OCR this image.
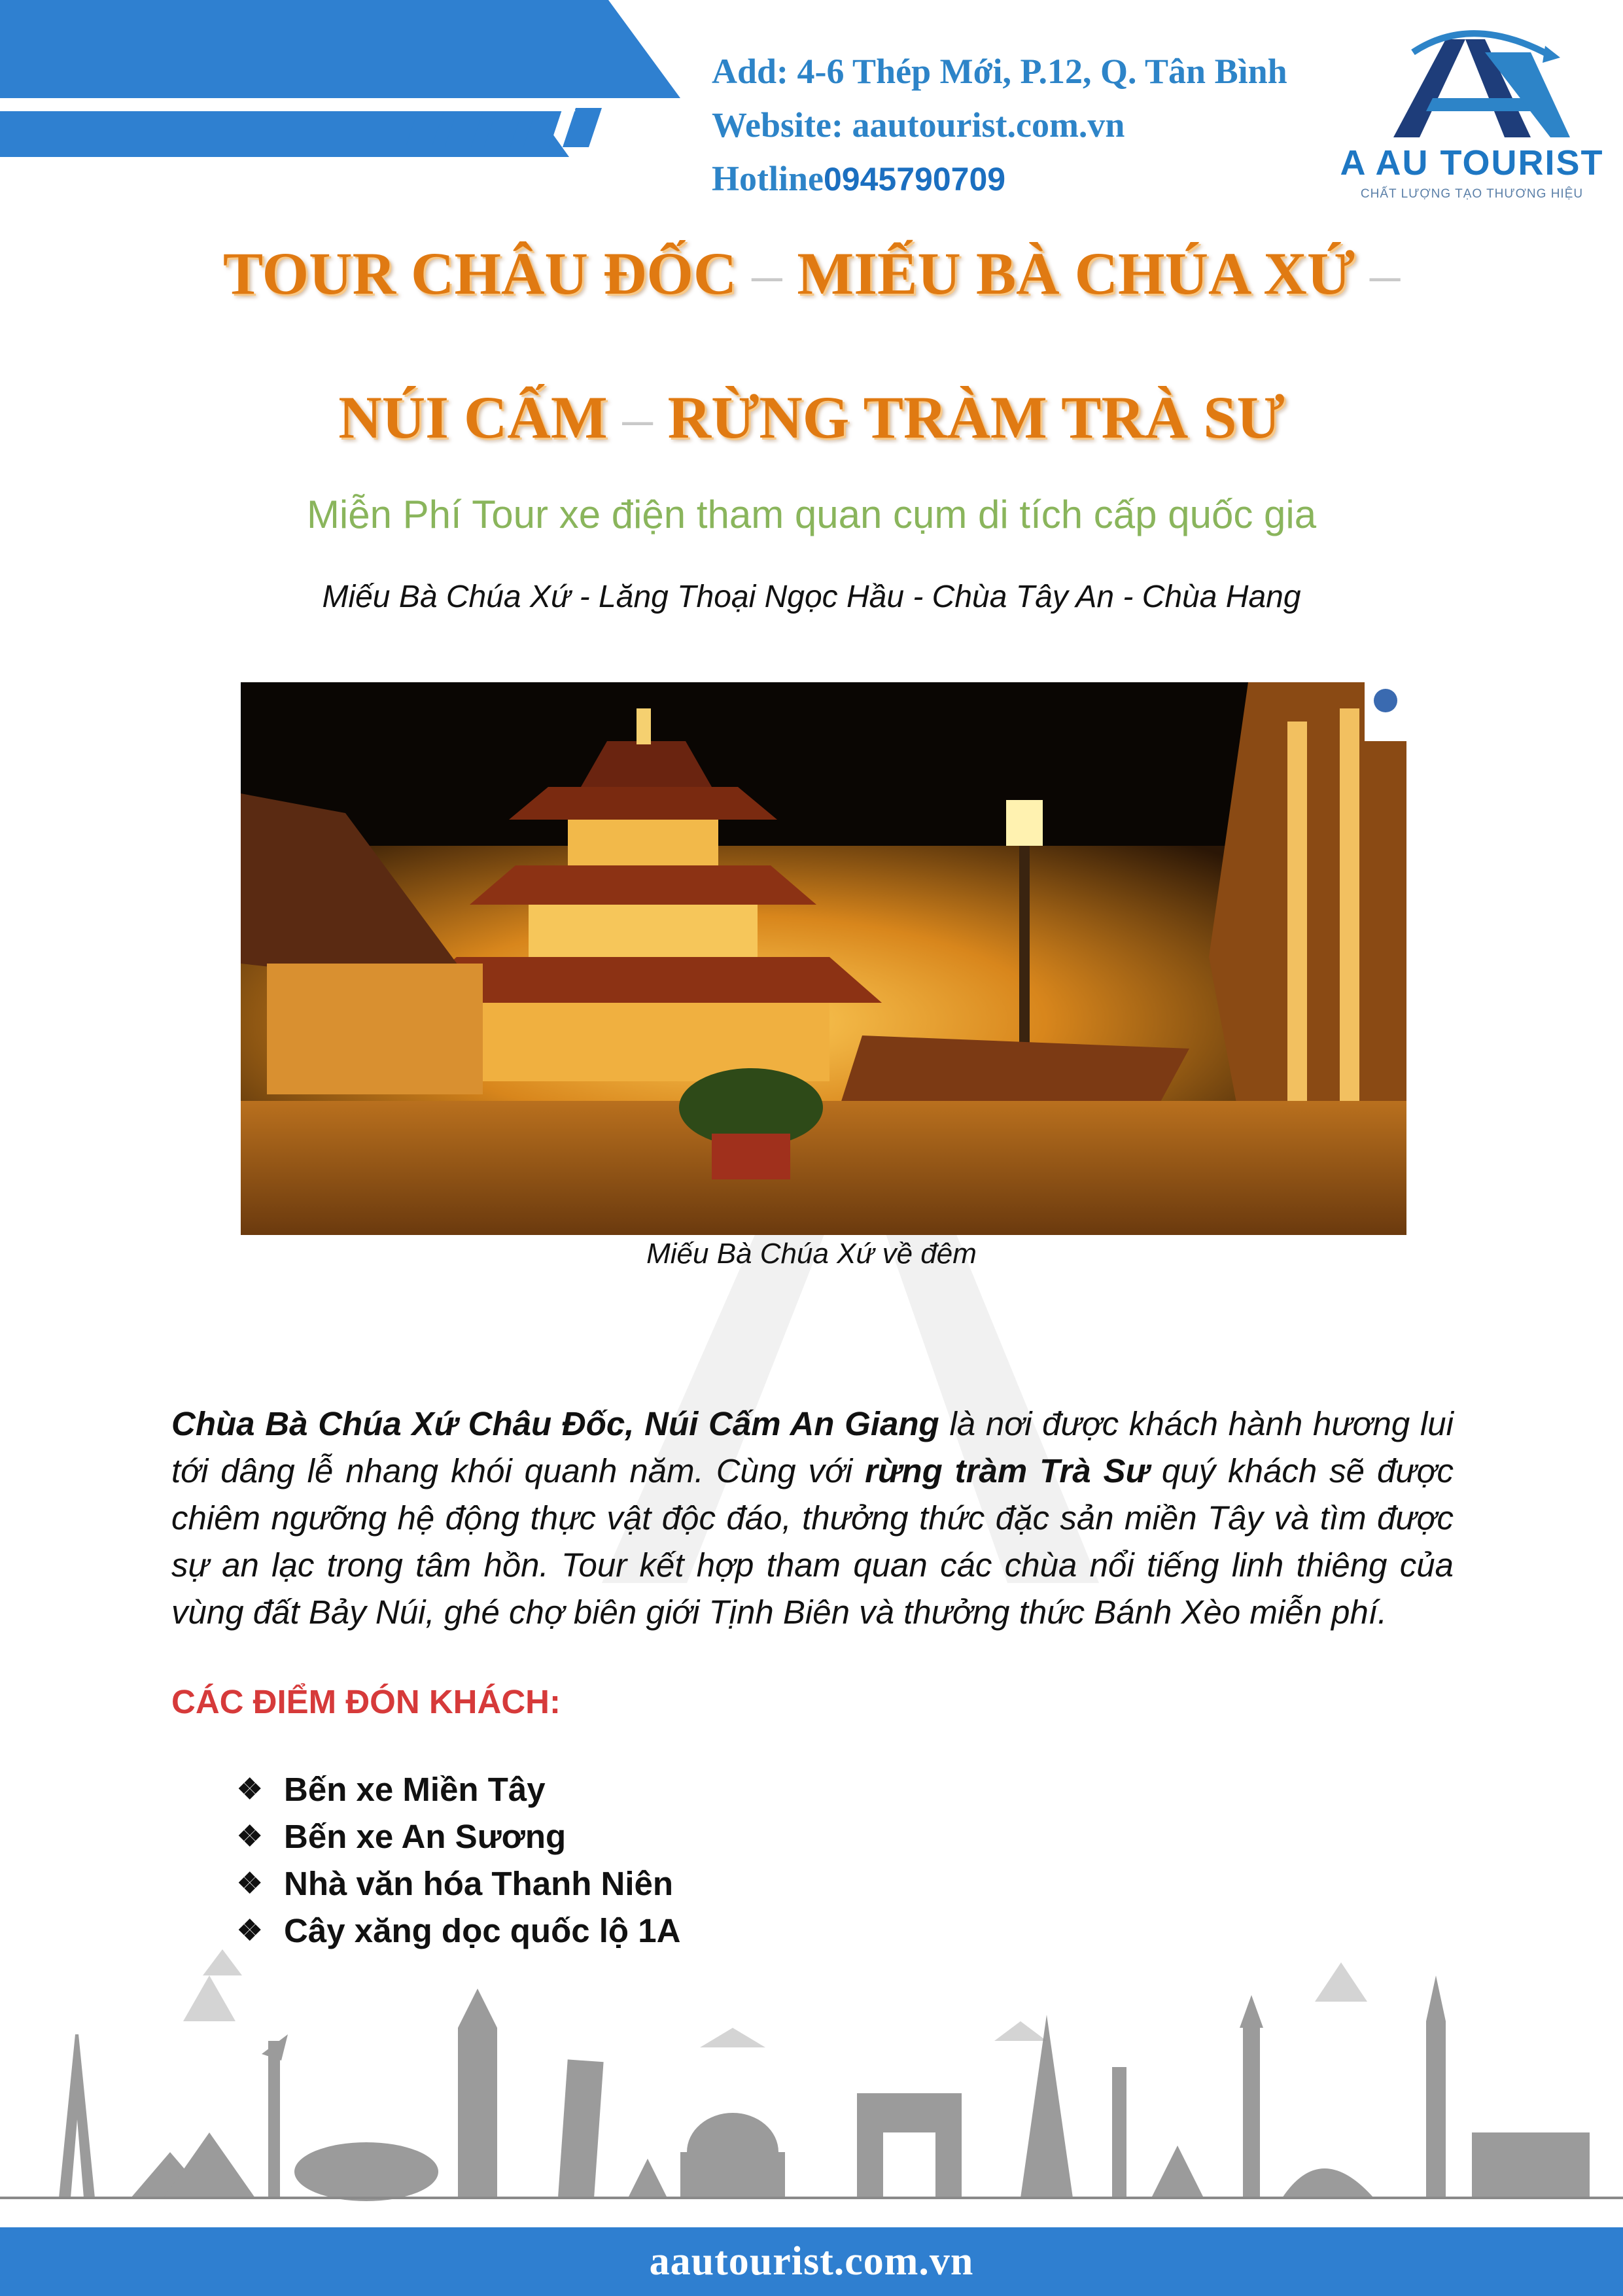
Add: 4-6 Thép Mới, P.12, Q. Tân Bình
Website: aautourist.com.vn
Hotline0945790709	A AU TOURIST
CHẤT LƯỢNG TẠO THƯƠNG HIỆU
TOUR CHÂU ĐỐC – MIẾU BÀ CHÚA XỨ –
NÚI CẤM – RỪNG TRÀM TRÀ SƯ
Miễn Phí Tour xe điện tham quan cụm di tích cấp quốc gia
Miếu Bà Chúa Xứ - Lăng Thoại Ngọc Hầu - Chùa Tây An - Chùa Hang
Miếu Bà Chúa Xứ về đêm

Chùa Bà Chúa Xứ Châu Đốc, Núi Cấm An Giang là nơi được khách hành hương lui tới dâng lễ nhang khói quanh năm. Cùng với rừng tràm Trà Sư quý khách sẽ được chiêm ngưỡng hệ động thực vật độc đáo, thưởng thức đặc sản miền Tây và tìm được sự an lạc trong tâm hồn. Tour kết hợp tham quan các chùa nổi tiếng linh thiêng của vùng đất Bảy Núi, ghé chợ biên giới Tịnh Biên và thưởng thức Bánh Xèo miễn phí.

CÁC ĐIỂM ĐÓN KHÁCH:
❖ Bến xe Miền Tây
❖ Bến xe An Sương
❖ Nhà văn hóa Thanh Niên
❖ Cây xăng dọc quốc lộ 1A
aautourist.com.vn
